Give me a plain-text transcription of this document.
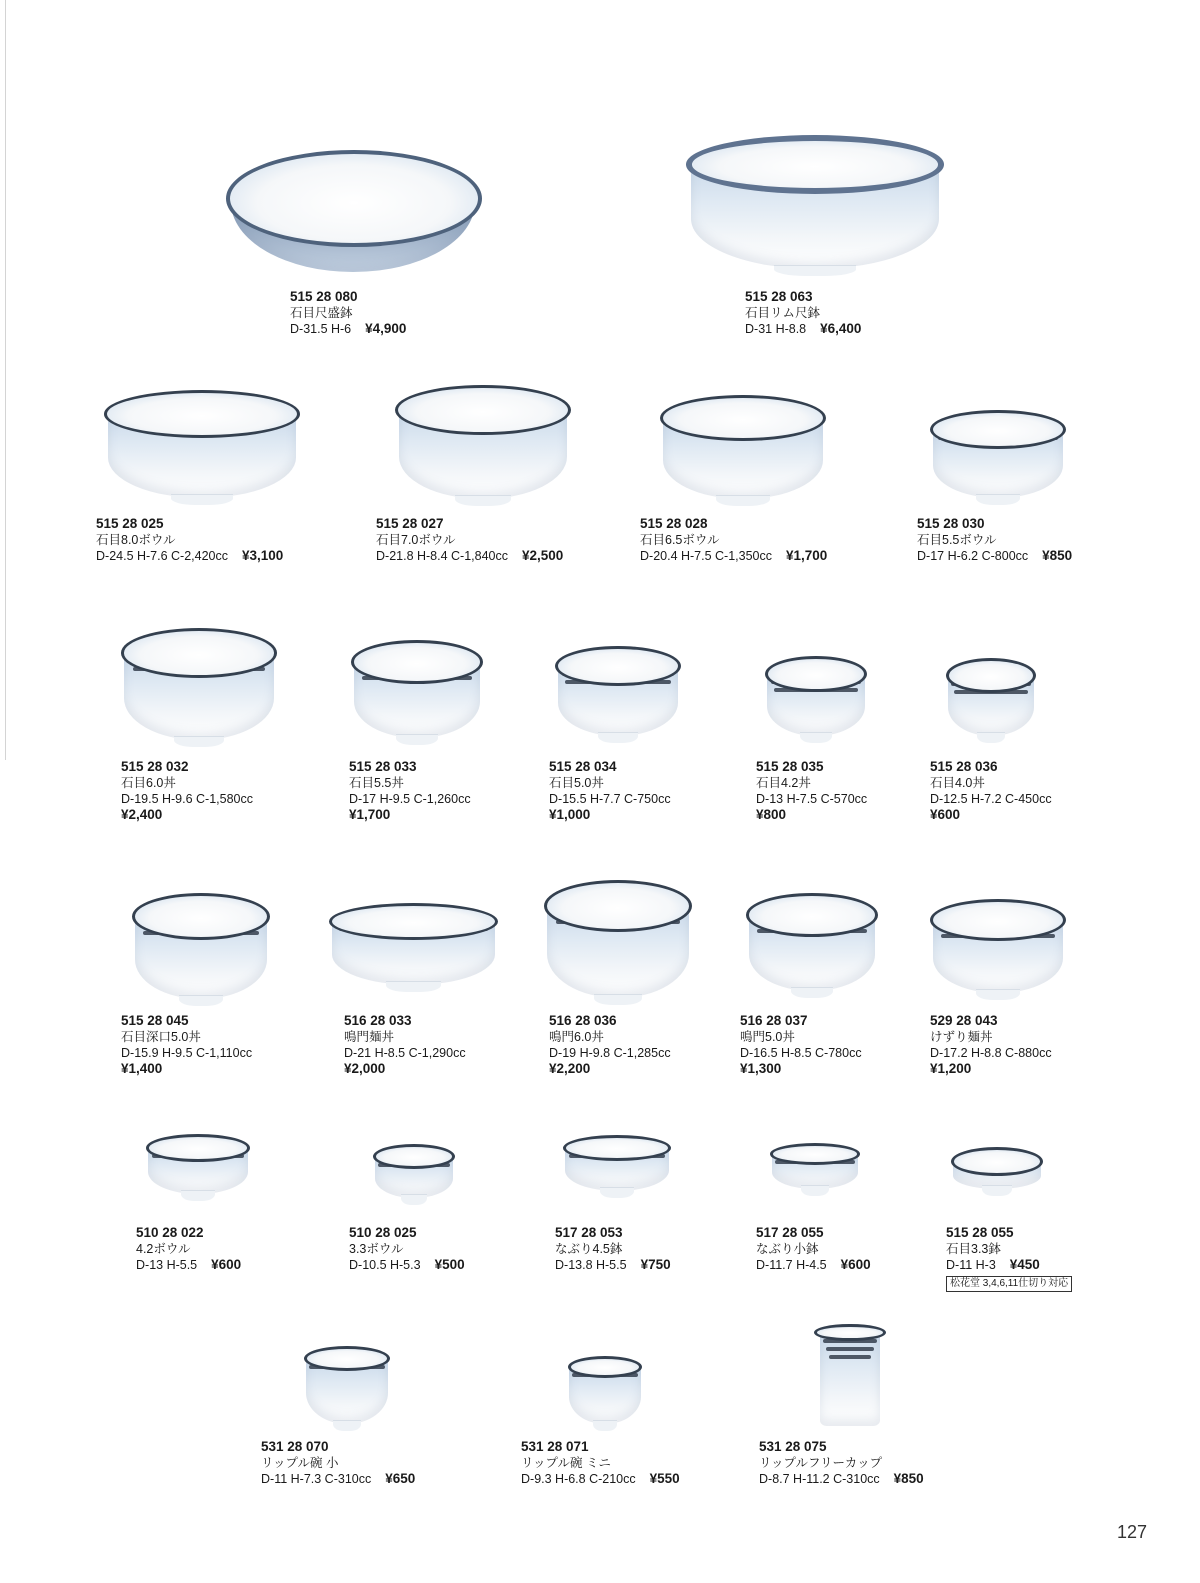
515 28 080
石目尺盛鉢
D-31.5 H-6 ¥4,900
515 28 063
石目リム尺鉢
D-31 H-8.8 ¥6,400
515 28 025
石目8.0ボウル
D-24.5 H-7.6 C-2,420cc ¥3,100
515 28 027
石目7.0ボウル
D-21.8 H-8.4 C-1,840cc ¥2,500
515 28 028
石目6.5ボウル
D-20.4 H-7.5 C-1,350cc ¥1,700
515 28 030
石目5.5ボウル
D-17 H-6.2 C-800cc ¥850
515 28 032
石目6.0丼
D-19.5 H-9.6 C-1,580cc
¥2,400
515 28 033
石目5.5丼
D-17 H-9.5 C-1,260cc
¥1,700
515 28 034
石目5.0丼
D-15.5 H-7.7 C-750cc
¥1,000
515 28 035
石目4.2丼
D-13 H-7.5 C-570cc
¥800
515 28 036
石目4.0丼
D-12.5 H-7.2 C-450cc
¥600
515 28 045
石目深口5.0丼
D-15.9 H-9.5 C-1,110cc
¥1,400
516 28 033
鳴門麺丼
D-21 H-8.5 C-1,290cc
¥2,000
516 28 036
鳴門6.0丼
D-19 H-9.8 C-1,285cc
¥2,200
516 28 037
鳴門5.0丼
D-16.5 H-8.5 C-780cc
¥1,300
529 28 043
けずり麺丼
D-17.2 H-8.8 C-880cc
¥1,200
510 28 022
4.2ボウル
D-13 H-5.5 ¥600
510 28 025
3.3ボウル
D-10.5 H-5.3 ¥500
517 28 053
なぶり4.5鉢
D-13.8 H-5.5 ¥750
517 28 055
なぶり小鉢
D-11.7 H-4.5 ¥600
515 28 055
石目3.3鉢
D-11 H-3 ¥450
松花堂 3,4,6,11仕切り対応
531 28 070
リップル碗 小
D-11 H-7.3 C-310cc ¥650
531 28 071
リップル碗 ミニ
D-9.3 H-6.8 C-210cc ¥550
531 28 075
リップルフリーカップ
D-8.7 H-11.2 C-310cc ¥850
127
